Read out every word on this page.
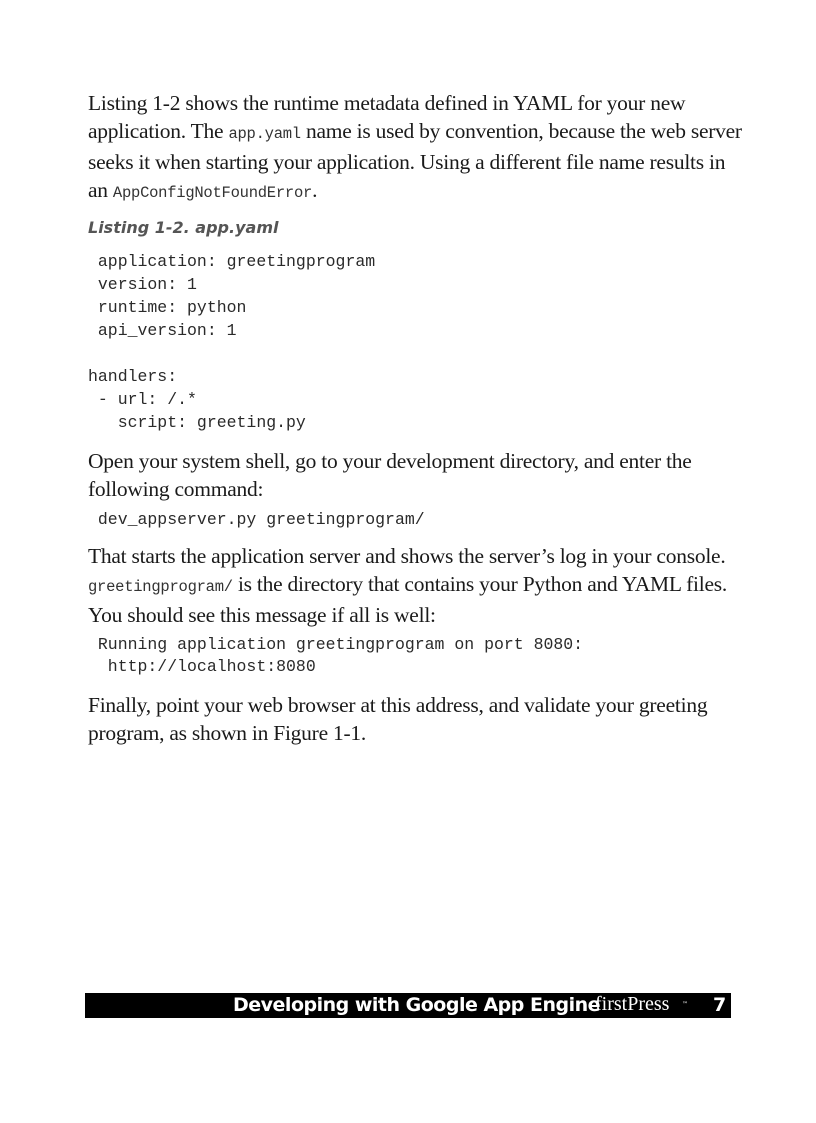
Listing 1-2 shows the runtime metadata defined in YAML for your new application. The app.yaml name is used by convention, because the web server seeks it when starting your application. Using a different file name results in an AppConfigNotFoundError.

Listing 1-2. app.yaml
application: greetingprogram
version: 1
runtime: python
api_version: 1
handlers:
- url: /.*
script: greeting.py

Open your system shell, go to your development directory, and enter the following command:

dev_appserver.py greetingprogram/

That starts the application server and shows the server’s log in your console. greetingprogram/ is the directory that contains your Python and YAML files. You should see this message if all is well:

Running application greetingprogram on port 8080:
http://localhost:8080

Finally, point your web browser at this address, and validate your greeting program, as shown in Figure 1-1.

Developing with Google App Engine
firstPress ™ 7
